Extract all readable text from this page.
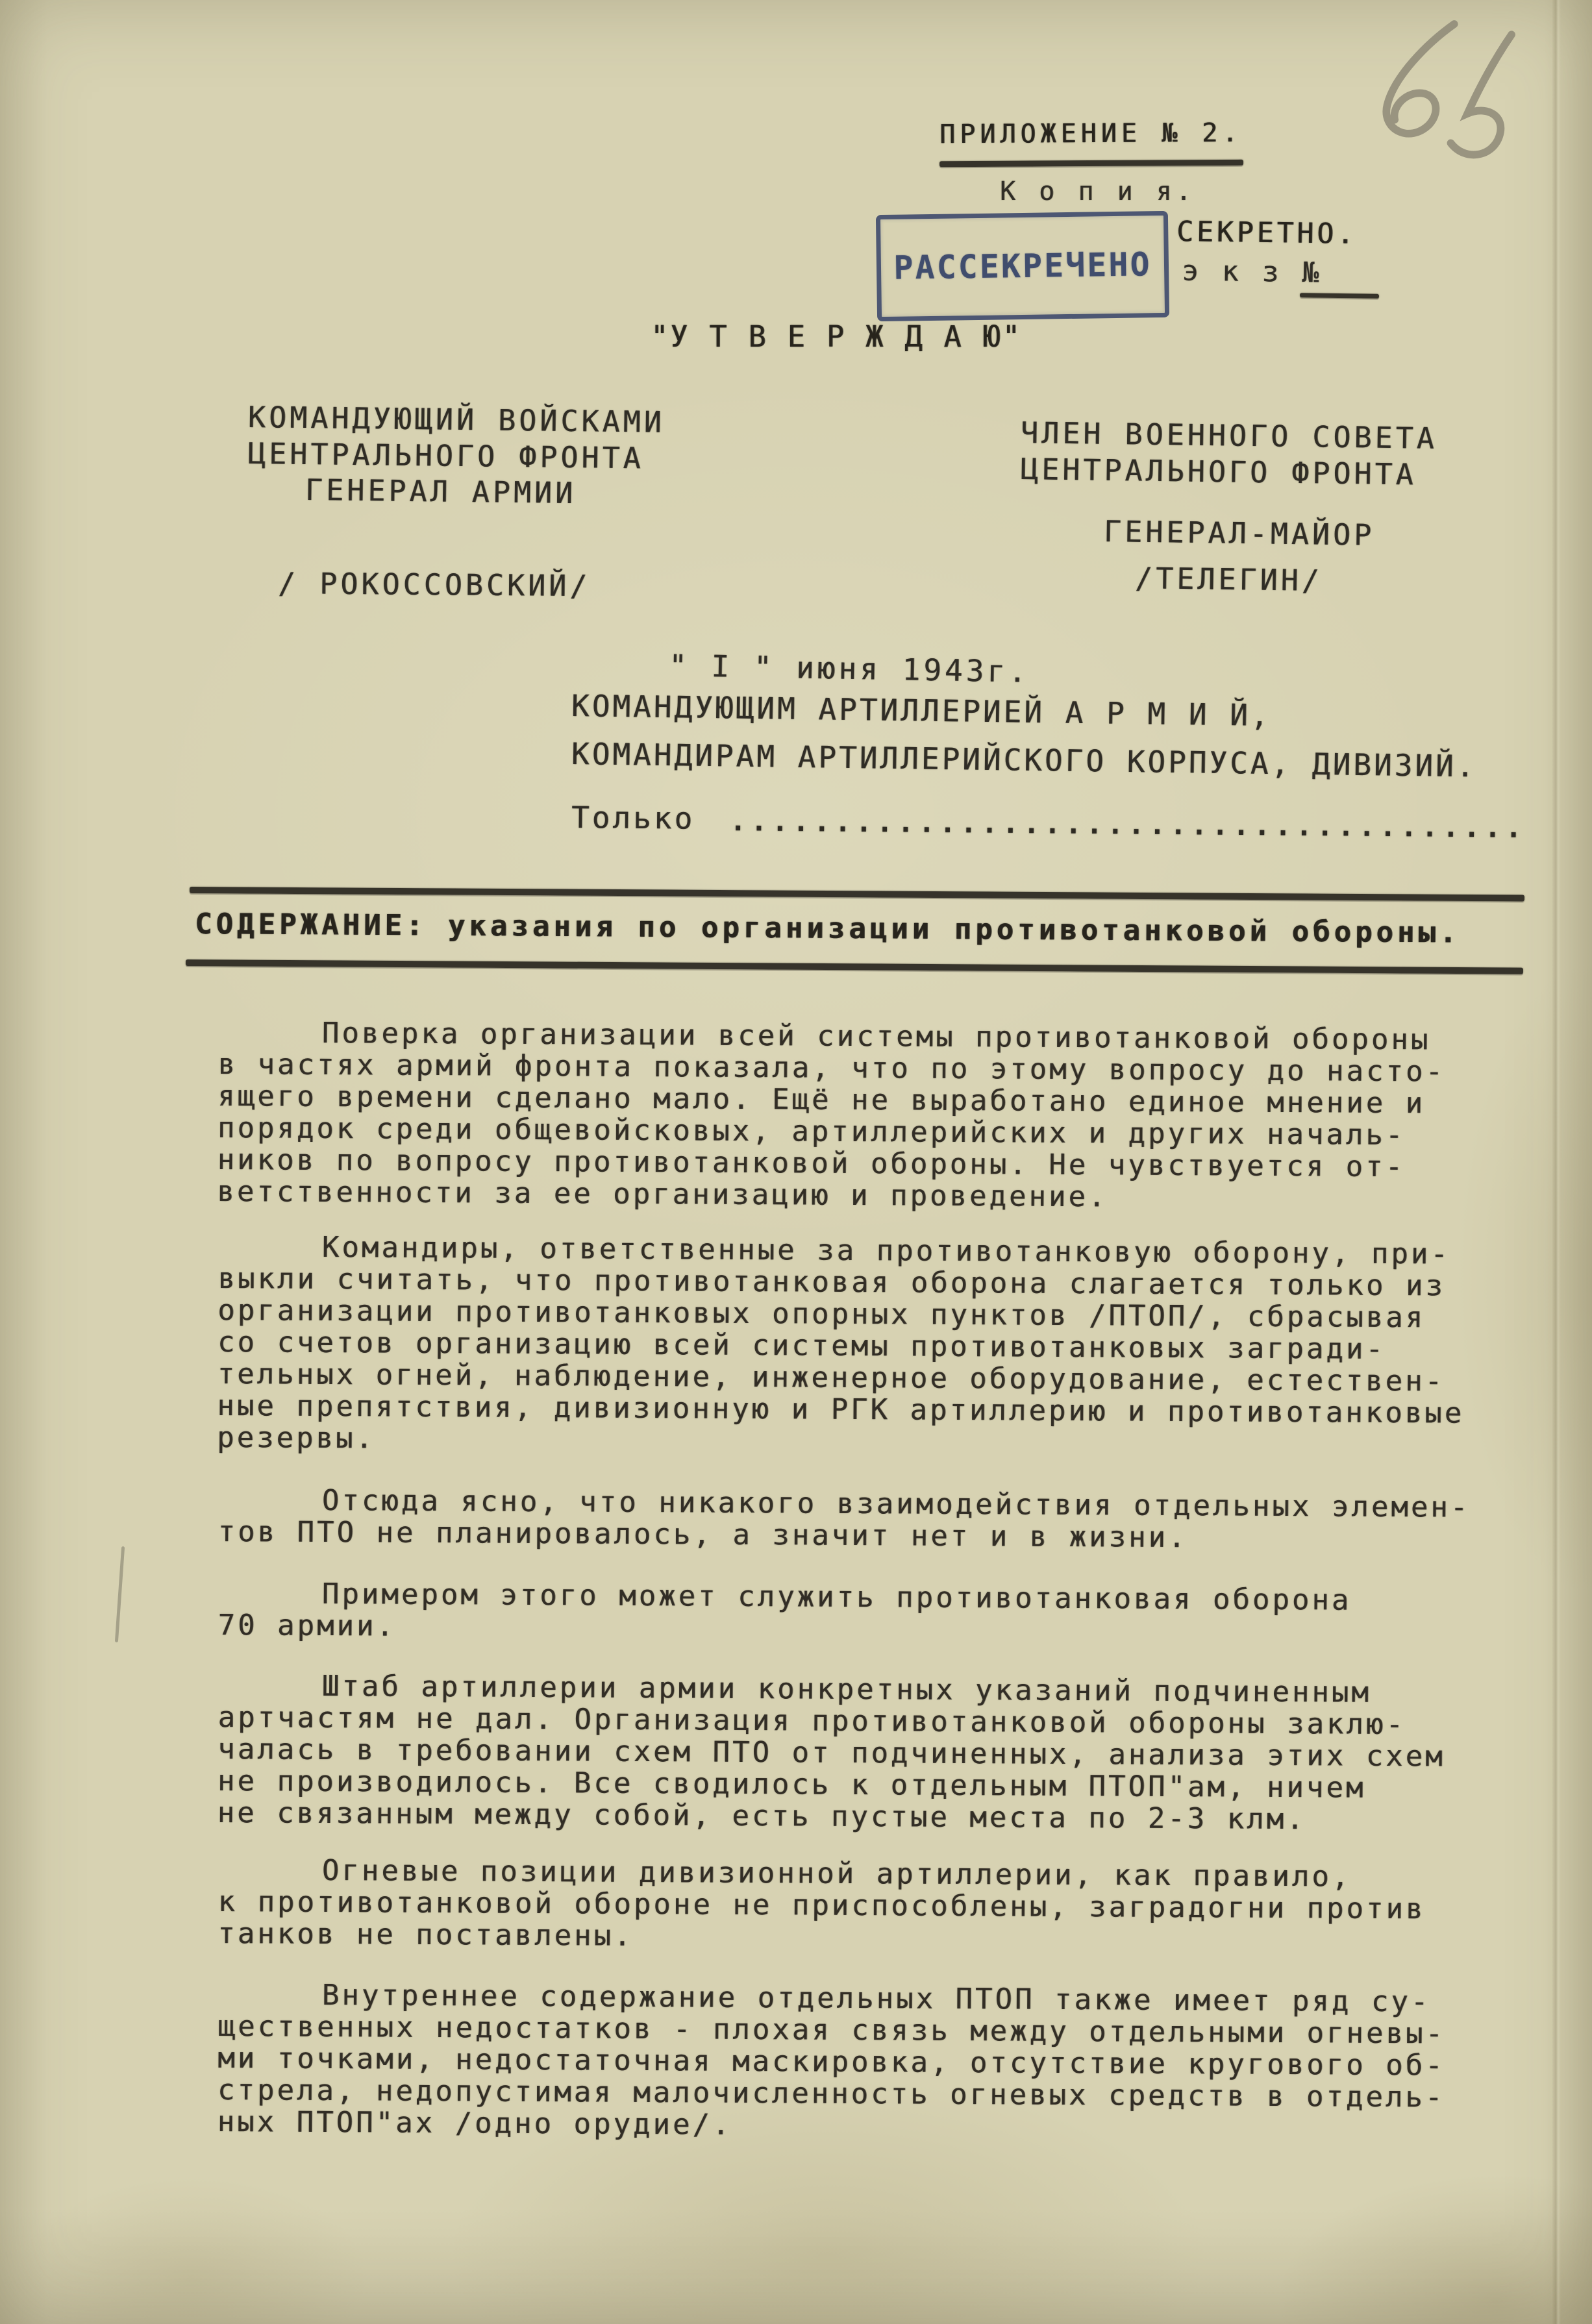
ПРИЛОЖЕНИЕ № 2.
К о п и я.
РАССЕКРЕЧЕНО
СЕКРЕТНО.
э к з №
"У Т В Е Р Ж Д А Ю"
КОМАНДУЮЩИЙ ВОЙСКАМИ
ЦЕНТРАЛЬНОГО ФРОНТА
ГЕНЕРАЛ АРМИИ
/ РОКОССОВСКИЙ/
ЧЛЕН ВОЕННОГО СОВЕТА
ЦЕНТРАЛЬНОГО ФРОНТА
ГЕНЕРАЛ-МАЙОР
/ТЕЛЕГИН/
" I " июня 1943г.
КОМАНДУЮЩИМ АРТИЛЛЕРИЕЙ А Р М И Й,
КОМАНДИРАМ АРТИЛЛЕРИЙСКОГО КОРПУСА, ДИВИЗИЙ.
Только ......................................
СОДЕРЖАНИЕ: указания по организации противотанковой обороны.
Поверка организации всей системы противотанковой обороны
в частях армий фронта показала, что по этому вопросу до насто-
ящего времени сделано мало. Ещё не выработано единое мнение и
порядок среди общевойсковых, артиллерийских и других началь-
ников по вопросу противотанковой обороны. Не чувствуется от-
ветственности за ее организацию и проведение.
Командиры, ответственные за противотанковую оборону, при-
выкли считать, что противотанковая оборона слагается только из
организации противотанковых опорных пунктов /ПТОП/, сбрасывая
со счетов организацию всей системы противотанковых загради-
тельных огней, наблюдение, инженерное оборудование, естествен-
ные препятствия, дивизионную и РГК артиллерию и противотанковые
резервы.
Отсюда ясно, что никакого взаимодействия отдельных элемен-
тов ПТО не планировалось, а значит нет и в жизни.
Примером этого может служить противотанковая оборона
70 армии.
Штаб артиллерии армии конкретных указаний подчиненным
артчастям не дал. Организация противотанковой обороны заклю-
чалась в требовании схем ПТО от подчиненных, анализа этих схем
не производилось. Все сводилось к отдельным ПТОП"ам, ничем
не связанным между собой, есть пустые места по 2-3 клм.
Огневые позиции дивизионной артиллерии, как правило,
к противотанковой обороне не приспособлены, заградогни против
танков не поставлены.
Внутреннее содержание отдельных ПТОП также имеет ряд су-
щественных недостатков - плохая связь между отдельными огневы-
ми точками, недостаточная маскировка, отсутствие кругового об-
стрела, недопустимая малочисленность огневых средств в отдель-
ных ПТОП"ах /одно орудие/.
